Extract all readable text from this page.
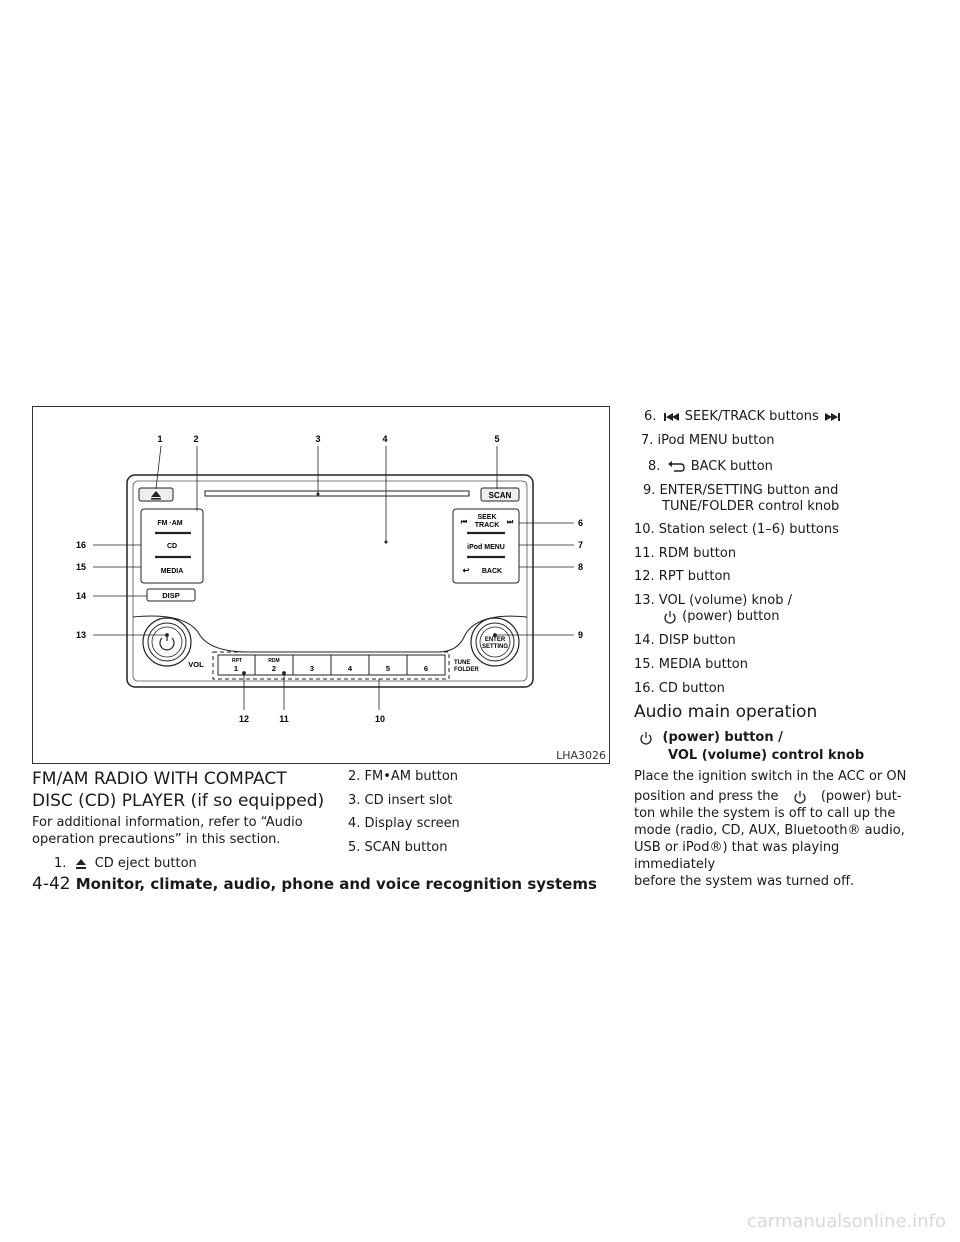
SCAN
FM ·AM
CD
MEDIA
DISP
⏮	⏭
SEEK
TRACK
iPod MENU
↩ BACK
VOL
ENTER
SETTING
TUNE
FOLDER
RPT	RDM
1	2	3	4	5	6
1	2	3	4	5
6
7
8
9
10
11
12
13
14
15
16
LHA3026
FM/AM RADIO WITH COMPACT
DISC (CD) PLAYER (if so equipped)
For additional information, refer to “Audio
operation precautions” in this section.
1. CD eject button
2. FM•AM button
3. CD insert slot
4. Display screen
5. SCAN button
6. SEEK/TRACK buttons
7. iPod MENU button
8. BACK button
9. ENTER/SETTING button and
TUNE/FOLDER control knob
10. Station select (1–6) buttons
11. RDM button
12. RPT button
13. VOL (volume) knob /
(power) button
14. DISP button
15. MEDIA button
16. CD button
Audio main operation
(power) button /
VOL (volume) control knob
Place the ignition switch in the ACC or ON
position and press the	(power) but-
ton while the system is off to call up the
mode (radio, CD, AUX, Bluetooth® audio,
USB or iPod®) that was playing immediately
before the system was turned off.
4-42 Monitor, climate, audio, phone and voice recognition systems
carmanualsonline.info
